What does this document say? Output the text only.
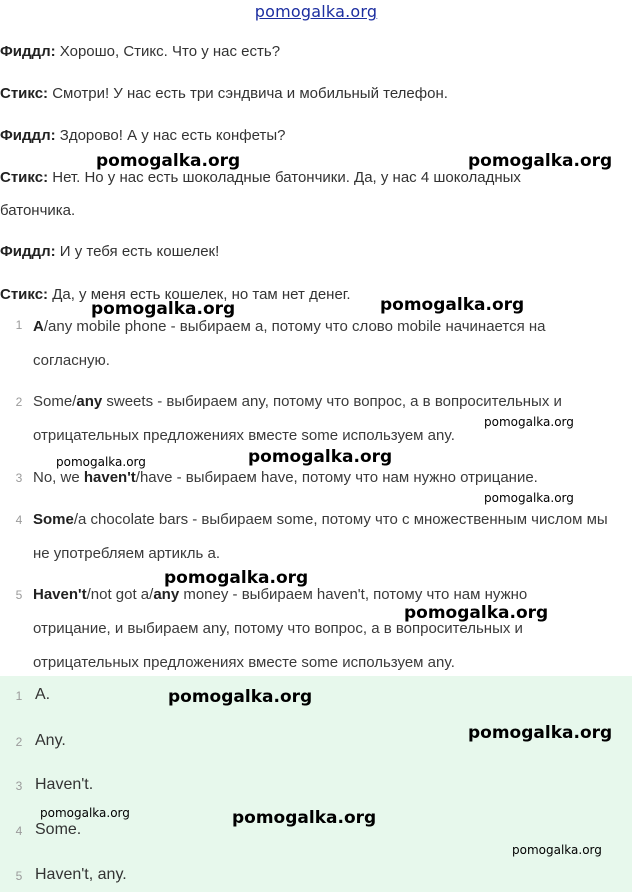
pomogalka.org
Фиддл: Хорошо, Стикс. Что у нас есть?
Стикс: Смотри! У нас есть три сэндвича и мобильный телефон.
Фиддл: Здорово! А у нас есть конфеты?
Стикс: Нет. Но у нас есть шоколадные батончики. Да, у нас 4 шоколадных батончика.
Фиддл: И у тебя есть кошелек!
Стикс: Да, у меня есть кошелек, но там нет денег.
1 A/any mobile phone - выбираем a, потому что слово mobile начинается на согласную.
2 Some/any sweets - выбираем any, потому что вопрос, а в вопросительных и отрицательных предложениях вместе some используем any.
3 No, we haven't/have - выбираем have, потому что нам нужно отрицание.
4 Some/a chocolate bars - выбираем some, потому что с множественным числом мы не употребляем артикль a.
5 Haven't/not got a/any money - выбираем haven't, потому что нам нужно отрицание, и выбираем any, потому что вопрос, а в вопросительных и отрицательных предложениях вместе some используем any.
1 A.
2 Any.
3 Haven't.
4 Some.
5 Haven't, any.
pomogalka.org	pomogalka.org
pomogalka.org	pomogalka.org
pomogalka.org
pomogalka.org
pomogalka.org
pomogalka.org
pomogalka.org
pomogalka.org
pomogalka.org
pomogalka.org
pomogalka.org	pomogalka.org
pomogalka.org
